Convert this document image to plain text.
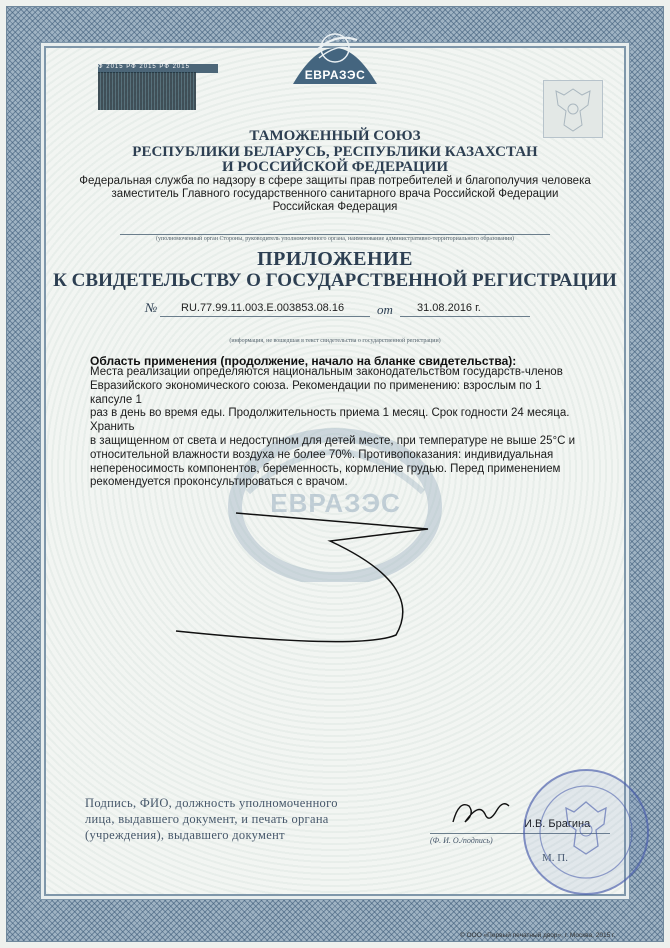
ЕВРАЗЭС
Ф 2015 РФ 2015 РФ 2015
ТАМОЖЕННЫЙ СОЮЗ
РЕСПУБЛИКИ БЕЛАРУСЬ, РЕСПУБЛИКИ КАЗАХСТАН
И РОССИЙСКОЙ ФЕДЕРАЦИИ
Федеральная служба по надзору в сфере защиты прав потребителей и благополучия человека
заместитель Главного государственного санитарного врача Российской Федерации
Российская Федерация
(уполномоченный орган Стороны, руководитель уполномоченного органа, наименование административно-территориального образования)
ПРИЛОЖЕНИЕ
К СВИДЕТЕЛЬСТВУ О ГОСУДАРСТВЕННОЙ РЕГИСТРАЦИИ
№ RU.77.99.11.003.E.003853.08.16	от 31.08.2016 г.
(информация, не вошедшая в текст свидетельства о государственной регистрации)
ЕВРАЗЭС
Область применения (продолжение, начало на бланке свидетельства):
Места реализации определяются национальным законодательством государств-членов
Евразийского экономического союза. Рекомендации по применению: взрослым по 1 капсуле 1
раз в день во время еды. Продолжительность приема 1 месяц. Срок годности 24 месяца. Хранить
в защищенном от света и недоступном для детей месте, при температуре не выше 25°C и
относительной влажности воздуха не более 70%. Противопоказания: индивидуальная
непереносимость компонентов, беременность, кормление грудью. Перед применением
рекомендуется проконсультироваться с врачом.
Подпись, ФИО, должность уполномоченного
лица, выдавшего документ, и печать органа
(учреждения), выдавшего документ	(Ф. И. О./подпись)
© ООО «Первый печатный двор», г. Москва, 2015 г.
